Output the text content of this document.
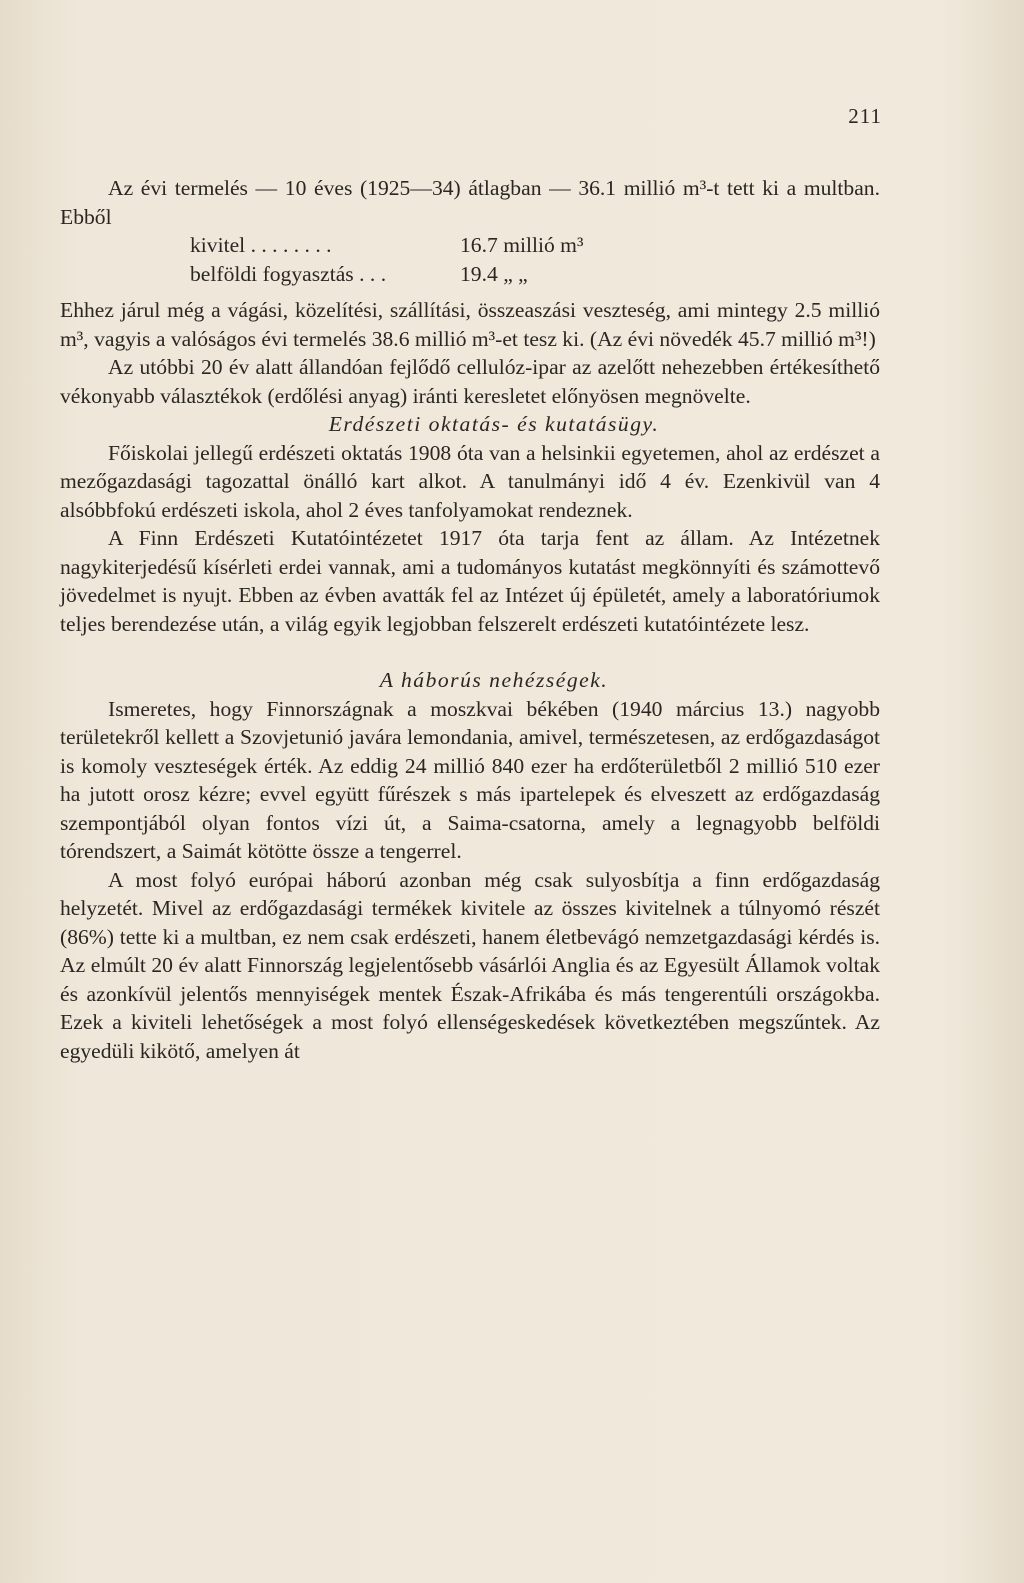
211

Az évi termelés — 10 éves (1925—34) átlagban — 36.1 millió m³-t tett ki a multban. Ebből

kivitel . . . . . . . .	16.7 millió m³
belföldi fogyasztás . . .	19.4 „ „

Ehhez járul még a vágási, közelítési, szállítási, összeaszási veszteség, ami mintegy 2.5 millió m³, vagyis a valóságos évi termelés 38.6 millió m³-et tesz ki. (Az évi növedék 45.7 millió m³!)

Az utóbbi 20 év alatt állandóan fejlődő cellulóz-ipar az azelőtt nehezebben értékesíthető vékonyabb választékok (erdőlési anyag) iránti keresletet előnyösen megnövelte.

Erdészeti oktatás- és kutatásügy.

Főiskolai jellegű erdészeti oktatás 1908 óta van a helsinkii egyetemen, ahol az erdészet a mezőgazdasági tagozattal önálló kart alkot. A tanulmányi idő 4 év. Ezenkivül van 4 alsóbbfokú erdészeti iskola, ahol 2 éves tanfolyamokat rendeznek.

A Finn Erdészeti Kutatóintézetet 1917 óta tarja fent az állam. Az Intézetnek nagykiterjedésű kísérleti erdei vannak, ami a tudományos kutatást megkönnyíti és számottevő jövedelmet is nyujt. Ebben az évben avatták fel az Intézet új épületét, amely a laboratóriumok teljes berendezése után, a világ egyik legjobban felszerelt erdészeti kutatóintézete lesz.

A háborús nehézségek.

Ismeretes, hogy Finnországnak a moszkvai békében (1940 március 13.) nagyobb területekről kellett a Szovjetunió javára lemondania, amivel, természetesen, az erdőgazdaságot is komoly veszteségek érték. Az eddig 24 millió 840 ezer ha erdőterületből 2 millió 510 ezer ha jutott orosz kézre; evvel együtt fűrészek s más ipartelepek és elveszett az erdőgazdaság szempontjából olyan fontos vízi út, a Saima-csatorna, amely a legnagyobb belföldi tórendszert, a Saimát kötötte össze a tengerrel.

A most folyó európai háború azonban még csak sulyosbítja a finn erdőgazdaság helyzetét. Mivel az erdőgazdasági termékek kivitele az összes kivitelnek a túlnyomó részét (86%) tette ki a multban, ez nem csak erdészeti, hanem életbevágó nemzetgazdasági kérdés is. Az elmúlt 20 év alatt Finnország legjelentősebb vásárlói Anglia és az Egyesült Államok voltak és azonkívül jelentős mennyiségek mentek Észak-Afrikába és más tengerentúli országokba. Ezek a kiviteli lehetőségek a most folyó ellenségeskedések következtében megszűntek. Az egyedüli kikötő, amelyen át
